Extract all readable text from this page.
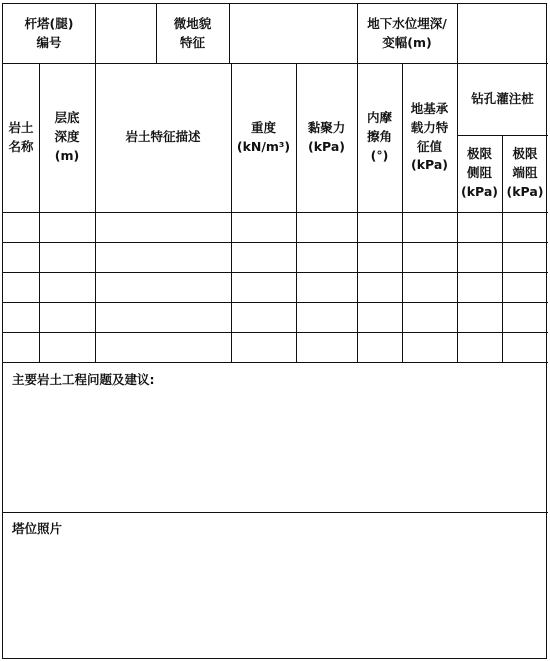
杆塔(腿)
编号
微地貌
特征
地下水位埋深/
变幅(m)
岩土
名称
层底
深度
(m)
岩土特征描述
重度
(kN/m³)
黏聚力
(kPa)
内摩
擦角
(°)
地基承
载力特
征值
(kPa)
钻孔灌注桩
极限
侧阻
(kPa)
极限
端阻
(kPa)
主要岩土工程问题及建议:
塔位照片
